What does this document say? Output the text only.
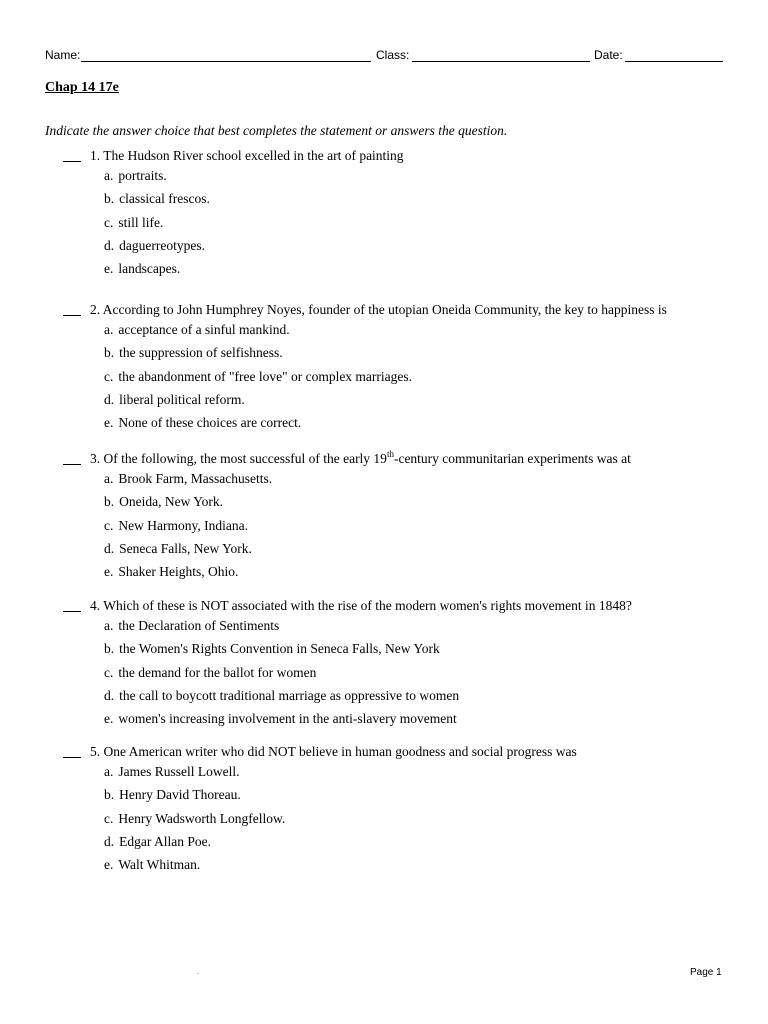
Name:	Class:	Date:
Chap 14 17e
Indicate the answer choice that best completes the statement or answers the question.
1. The Hudson River school excelled in the art of painting
a. portraits.
b. classical frescos.
c. still life.
d. daguerreotypes.
e. landscapes.
2. According to John Humphrey Noyes, founder of the utopian Oneida Community, the key to happiness is
a. acceptance of a sinful mankind.
b. the suppression of selfishness.
c. the abandonment of "free love" or complex marriages.
d. liberal political reform.
e. None of these choices are correct.
3. Of the following, the most successful of the early 19th-century communitarian experiments was at
a. Brook Farm, Massachusetts.
b. Oneida, New York.
c. New Harmony, Indiana.
d. Seneca Falls, New York.
e. Shaker Heights, Ohio.
4. Which of these is NOT associated with the rise of the modern women's rights movement in 1848?
a. the Declaration of Sentiments
b. the Women's Rights Convention in Seneca Falls, New York
c. the demand for the ballot for women
d. the call to boycott traditional marriage as oppressive to women
e. women's increasing involvement in the anti-slavery movement
5. One American writer who did NOT believe in human goodness and social progress was
a. James Russell Lowell.
b. Henry David Thoreau.
c. Henry Wadsworth Longfellow.
d. Edgar Allan Poe.
e. Walt Whitman.
.	Page 1
